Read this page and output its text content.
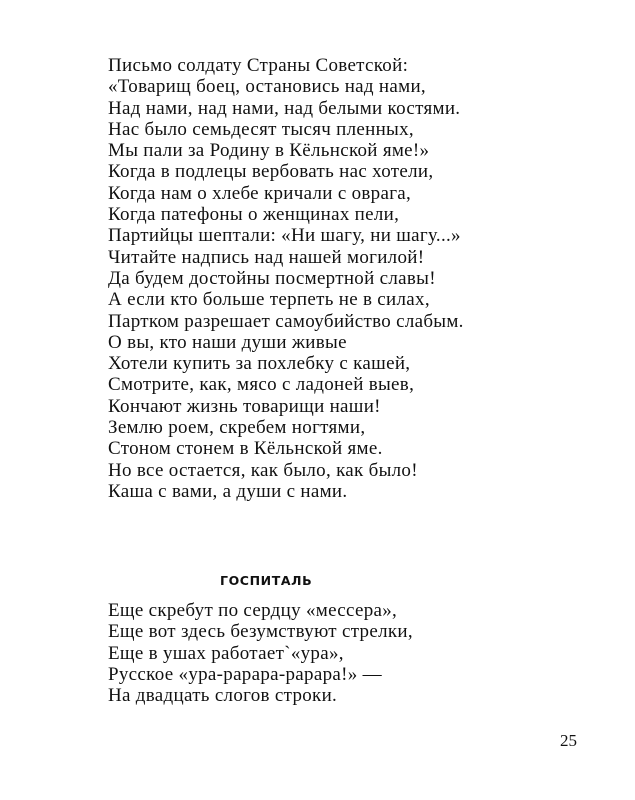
Письмо солдату Страны Советской:
«Товарищ боец, остановись над нами,
Над нами, над нами, над белыми костями.
Нас было семьдесят тысяч пленных,
Мы пали за Родину в Кёльнской яме!»
Когда в подлецы вербовать нас хотели,
Когда нам о хлебе кричали с оврага,
Когда патефоны о женщинах пели,
Партийцы шептали: «Ни шагу, ни шагу...»
Читайте надпись над нашей могилой!
Да будем достойны посмертной славы!
А если кто больше терпеть не в силах,
Партком разрешает самоубийство слабым.
О вы, кто наши души живые
Хотели купить за похлебку с кашей,
Смотрите, как, мясо с ладоней выев,
Кончают жизнь товарищи наши!
Землю роем, скребем ногтями,
Стоном стонем в Кёльнской яме.
Но все остается, как было, как было!
Каша с вами, а души с нами.
ГОСПИТАЛЬ
Еще скребут по сердцу «мессера»,
Еще вот здесь безумствуют стрелки,
Еще в ушах работает`«ура»,
Русское «ура-рарара-рарара!» —
На двадцать слогов строки.
25
